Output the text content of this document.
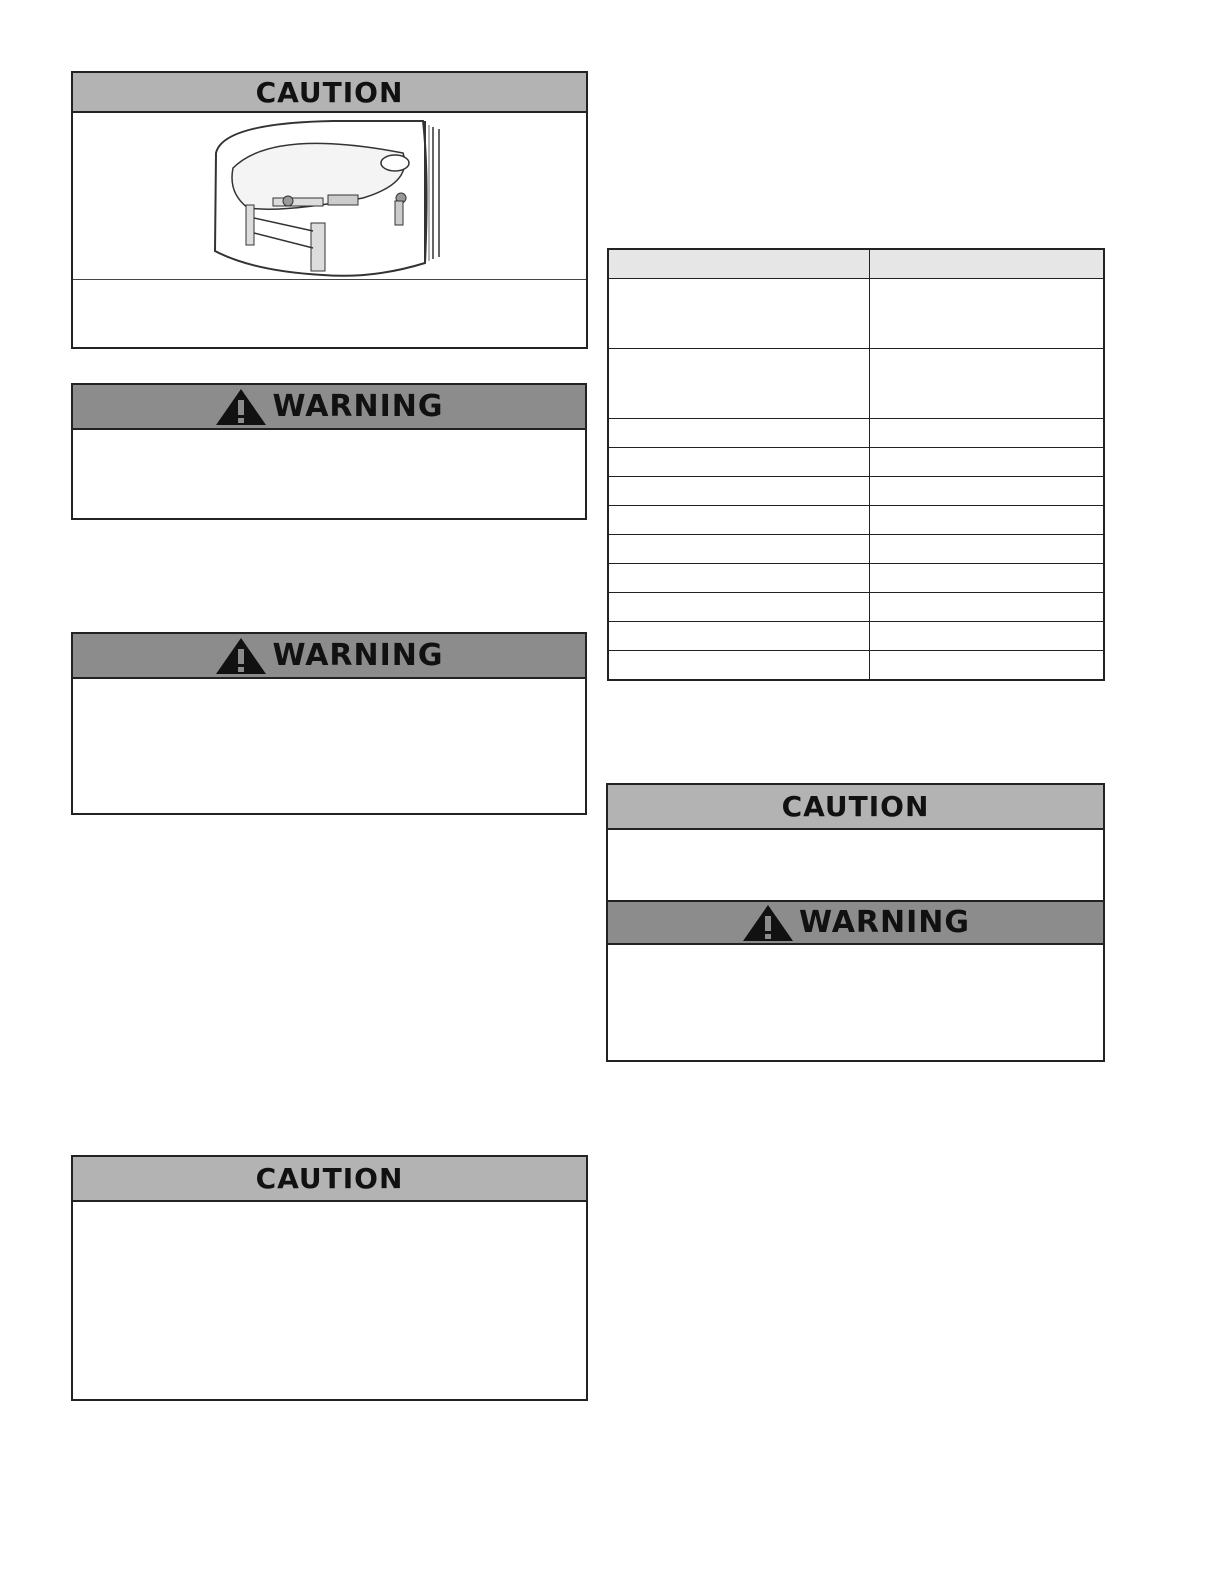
CAUTION
WARNING
WARNING
CAUTION

CAUTION
WARNING
